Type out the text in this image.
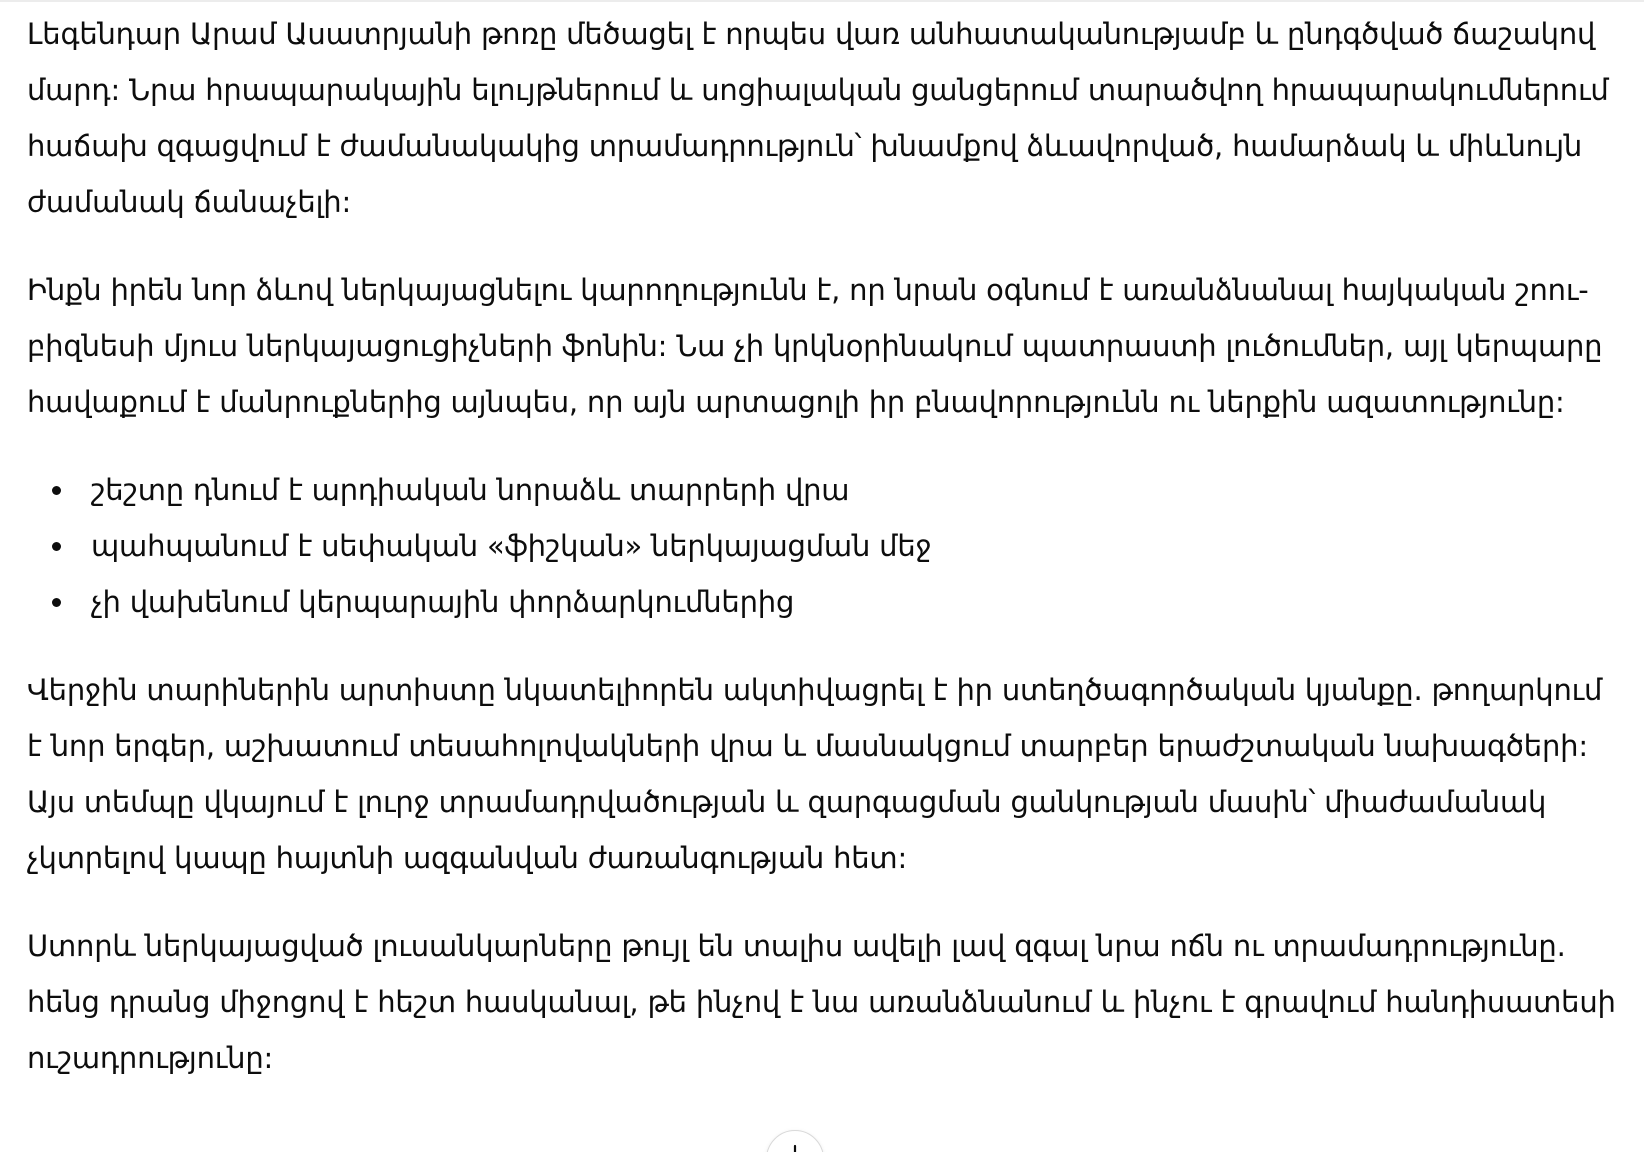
Լեգենդար Արամ Ասատրյանի թոռը մեծացել է որպես վառ անհատականությամբ և ընդգծված ճաշակով մարդ: Նրա հրապարակային ելույթներում և սոցիալական ցանցերում տարածվող հրապարակումներում հաճախ զգացվում է ժամանակակից տրամադրություն՝ խնամքով ձևավորված, համարձակ և միևնույն ժամանակ ճանաչելի:

Ինքն իրեն նոր ձևով ներկայացնելու կարողությունն է, որ նրան օգնում է առանձնանալ հայկական շոու-բիզնեսի մյուս ներկայացուցիչների ֆոնին: Նա չի կրկնօրինակում պատրաստի լուծումներ, այլ կերպարը հավաքում է մանրուքներից այնպես, որ այն արտացոլի իր բնավորությունն ու ներքին ազատությունը:

շեշտը դնում է արդիական նորաձև տարրերի վրա
պահպանում է սեփական «ֆիշկան» ներկայացման մեջ
չի վախենում կերպարային փորձարկումներից

Վերջին տարիներին արտիստը նկատելիորեն ակտիվացրել է իր ստեղծագործական կյանքը. թողարկում է նոր երգեր, աշխատում տեսահոլովակների վրա և մասնակցում տարբեր երաժշտական նախագծերի: Այս տեմպը վկայում է լուրջ տրամադրվածության և զարգացման ցանկության մասին՝ միաժամանակ չկտրելով կապը հայտնի ազգանվան ժառանգության հետ:

Ստորև ներկայացված լուսանկարները թույլ են տալիս ավելի լավ զգալ նրա ոճն ու տրամադրությունը. հենց դրանց միջոցով է հեշտ հասկանալ, թե ինչով է նա առանձնանում և ինչու է գրավում հանդիսատեսի ուշադրությունը:
